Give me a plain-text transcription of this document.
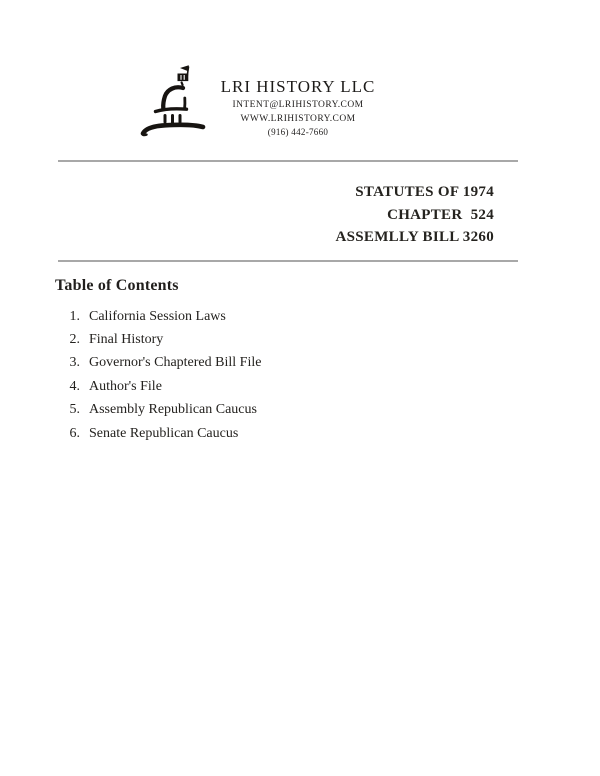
LRI HISTORY LLC
INTENT@LRIHISTORY.COM
WWW.LRIHISTORY.COM
(916) 442-7660
STATUTES OF 1974
CHAPTER  524
ASSEMLLY BILL 3260
Table of Contents
1. California Session Laws
2. Final History
3. Governor's Chaptered Bill File
4. Author's File
5. Assembly Republican Caucus
6. Senate Republican Caucus
